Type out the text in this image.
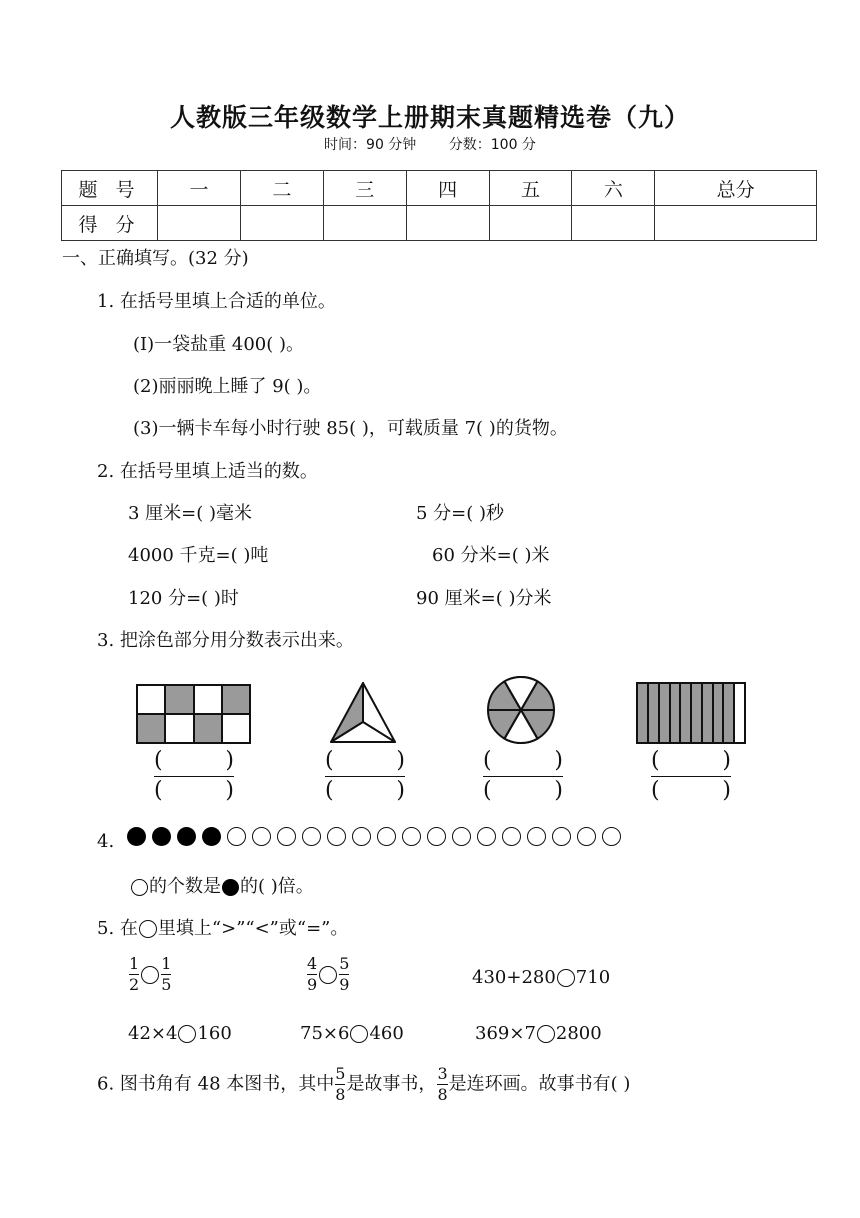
人教版三年级数学上册期末真题精选卷（九）
时间：90 分钟 分数：100 分
题 号	一	二	三	四	五	六	总分
得 分							
一、正确填写。(32 分)
1. 在括号里填上合适的单位。
(Ⅰ)一袋盐重 400( )。
(2)丽丽晚上睡了 9( )。
(3)一辆卡车每小时行驶 85( )，可载质量 7( )的货物。
2. 在括号里填上适当的数。
3 厘米=( )毫米	5 分=( )秒
4000 千克=( )吨	60 分米=( )米
120 分=( )时	90 厘米=( )分米
3. 把涂色部分用分数表示出来。
(	)
(	)
(	)
(	)
(	)
(	)
(	)
(	)
4.
的个数是 的( )倍。
5. 在 里填上“>”“<”或“=”。
$\frac{1}{2} \frac{1}{5}$	$\frac{4}{9} \frac{5}{9}$	430+280 710
42×4 160	75×6 460	369×7 2800
6. 图书角有 48 本图书，其中 $\frac{5}{8}$ 是故事书， $\frac{3}{8}$ 是连环画。故事书有( )
